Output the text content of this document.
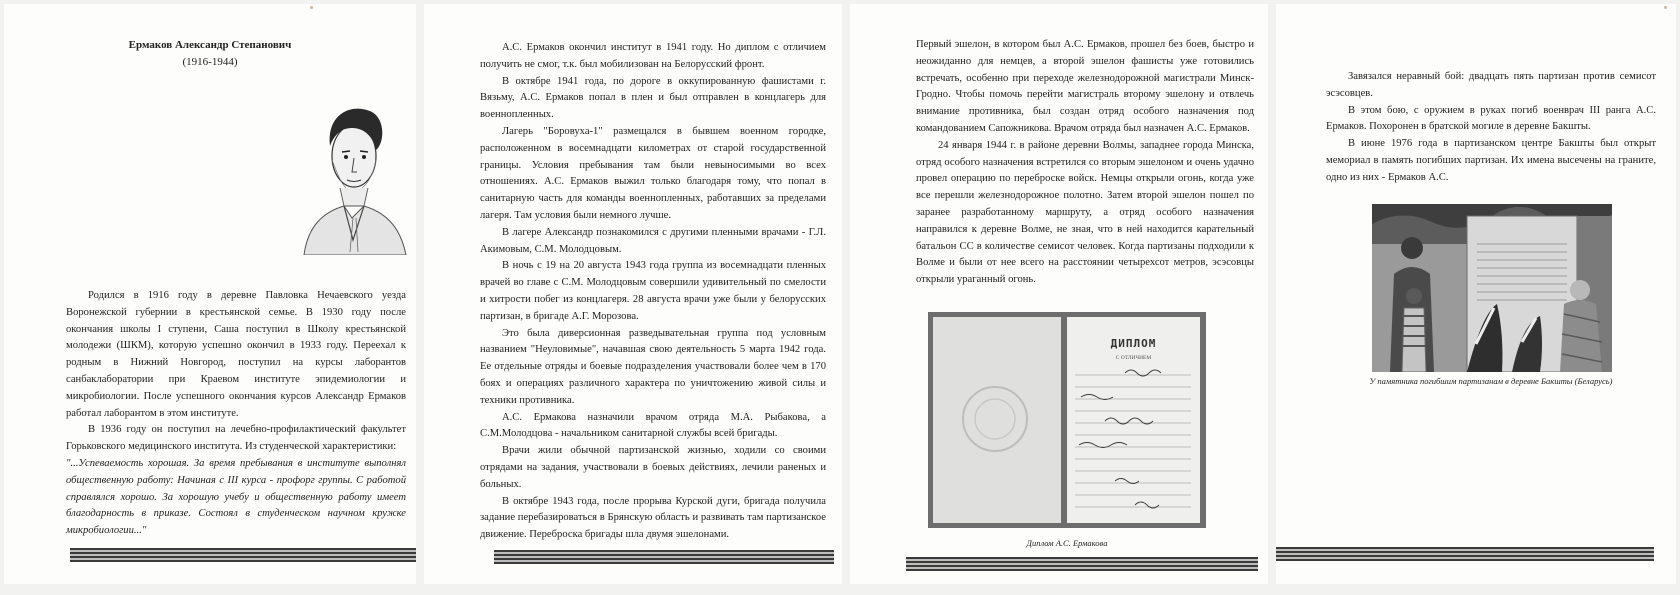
Ермаков Александр Степанович

(1916-1944)

Родился в 1916 году в деревне Павловка Нечаевского уезда Воронежской губернии в крестьянской семье. В 1930 году после окончания школы I ступени, Саша поступил в Школу крестьянской молодежи (ШКМ), которую успешно окончил в 1933 году. Переехал к родным в Нижний Новгород, поступил на курсы лаборантов санбаклаборатории при Краевом институте эпидемиологии и микробиологии. После успешного окончания курсов Александр Ермаков работал лаборантом в этом институте.

В 1936 году он поступил на лечебно-профилактический факультет Горьковского медицинского института. Из студенческой характеристики:

"...Успеваемость хорошая. За время пребывания в институте выполнял общественную работу: Начиная с III курса - профорг группы. С работой справлялся хорошо. За хорошую учебу и общественную работу имеет благодарность в приказе. Состоял в студенческом научном кружке микробиологии..."

А.С. Ермаков окончил институт в 1941 году. Но диплом с отличием получить не смог, т.к. был мобилизован на Белорусский фронт.

В октябре 1941 года, по дороге в оккупированную фашистами г. Вязьму, А.С. Ермаков попал в плен и был отправлен в концлагерь для военнопленных.

Лагерь "Боровуха-1" размещался в бывшем военном городке, расположенном в восемнадцати километрах от старой государственной границы. Условия пребывания там были невыносимыми во всех отношениях. А.С. Ермаков выжил только благодаря тому, что попал в санитарную часть для команды военнопленных, работавших за пределами лагеря. Там условия были немного лучше.

В лагере Александр познакомился с другими пленными врачами - Г.Л. Акимовым, С.М. Молодцовым.

В ночь с 19 на 20 августа 1943 года группа из восемнадцати пленных врачей во главе с С.М. Молодцовым совершили удивительный по смелости и хитрости побег из концлагеря. 28 августа врачи уже были у белорусских партизан, в бригаде А.Г. Морозова.

Это была диверсионная разведывательная группа под условным названием "Неуловимые", начавшая свою деятельность 5 марта 1942 года. Ее отдельные отряды и боевые подразделения участвовали более чем в 170 боях и операциях различного характера по уничтожению живой силы и техники противника.

А.С. Ермакова назначили врачом отряда М.А. Рыбакова, а С.М.Молодцова - начальником санитарной службы всей бригады.

Врачи жили обычной партизанской жизнью, ходили со своими отрядами на задания, участвовали в боевых действиях, лечили раненых и больных.

В октябре 1943 года, после прорыва Курской дуги, бригада получила задание перебазироваться в Брянскую область и развивать там партизанское движение. Переброска бригады шла двумя эшелонами.

Первый эшелон, в котором был А.С. Ермаков, прошел без боев, быстро и неожиданно для немцев, а второй эшелон фашисты уже готовились встречать, особенно при переходе железнодорожной магистрали Минск-Гродно. Чтобы помочь перейти магистраль второму эшелону и отвлечь внимание противника, был создан отряд особого назначения под командованием Сапожникова. Врачом отряда был назначен А.С. Ермаков.

24 января 1944 г. в районе деревни Волмы, западнее города Минска, отряд особого назначения встретился со вторым эшелоном и очень удачно провел операцию по переброске войск. Немцы открыли огонь, когда уже все перешли железнодорожное полотно. Затем второй эшелон пошел по заранее разработанному маршруту, а отряд особого назначения направился к деревне Волме, не зная, что в ней находится карательный батальон СС в количестве семисот человек. Когда партизаны подходили к Волме и были от нее всего на расстоянии четырехсот метров, эсэсовцы открыли ураганный огонь.

ДИПЛОМ
С ОТЛИЧИЕМ

Диплом А.С. Ермакова

Завязался неравный бой: двадцать пять партизан против семисот эсэсовцев.

В этом бою, с оружием в руках погиб военврач III ранга А.С. Ермаков. Похоронен в братской могиле в деревне Бакшты.

В июне 1976 года в партизанском центре Бакшты был открыт мемориал в память погибших партизан. Их имена высечены на граните, одно из них - Ермаков А.С.

У памятника погибшим партизанам в деревне Бакшты (Беларусь)
